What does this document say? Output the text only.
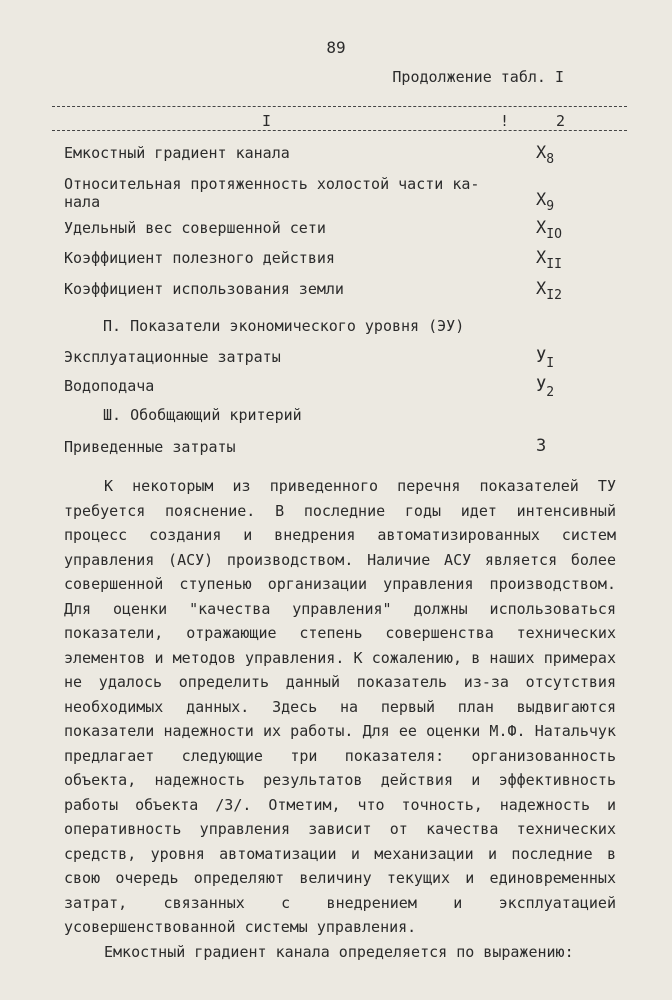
89
Продолжение табл. I
I	!	2
Емкостный градиент канала	$X_8$
Относительная протяженность холостой части ка-
нала	$X_9$
Удельный вес совершенной сети	$X_{IO}$
Коэффициент полезного действия	$X_{II}$
Коэффициент использования земли	$X_{I2}$
П. Показатели экономического уровня (ЭУ)
Эксплуатационные затраты	$У_I$
Водоподача	$У_2$
Ш. Обобщающий критерий
Приведенные затраты	З

К некоторым из приведенного перечня показателей ТУ требуется пояснение. В последние годы идет интенсивный процесс создания и внедрения автоматизированных систем управления (АСУ) производством. Наличие АСУ является более совершенной ступенью организации управления производством. Для оценки "качества управления" должны использоваться показатели, отражающие степень совершенства технических элементов и методов управления. К сожалению, в наших примерах не удалось определить данный показатель из-за отсутствия необходимых данных. Здесь на первый план выдвигаются показатели надежности их работы. Для ее оценки М.Ф. Натальчук предлагает следующие три показателя: организованность объекта, надежность результатов действия и эффективность работы объекта /3/. Отметим, что точность, надежность и оперативность управления зависит от качества технических средств, уровня автоматизации и механизации и последние в свою очередь определяют величину текущих и единовременных затрат, связанных с внедрением и эксплуатацией усовершенствованной системы управления.

Емкостный градиент канала определяется по выражению:
